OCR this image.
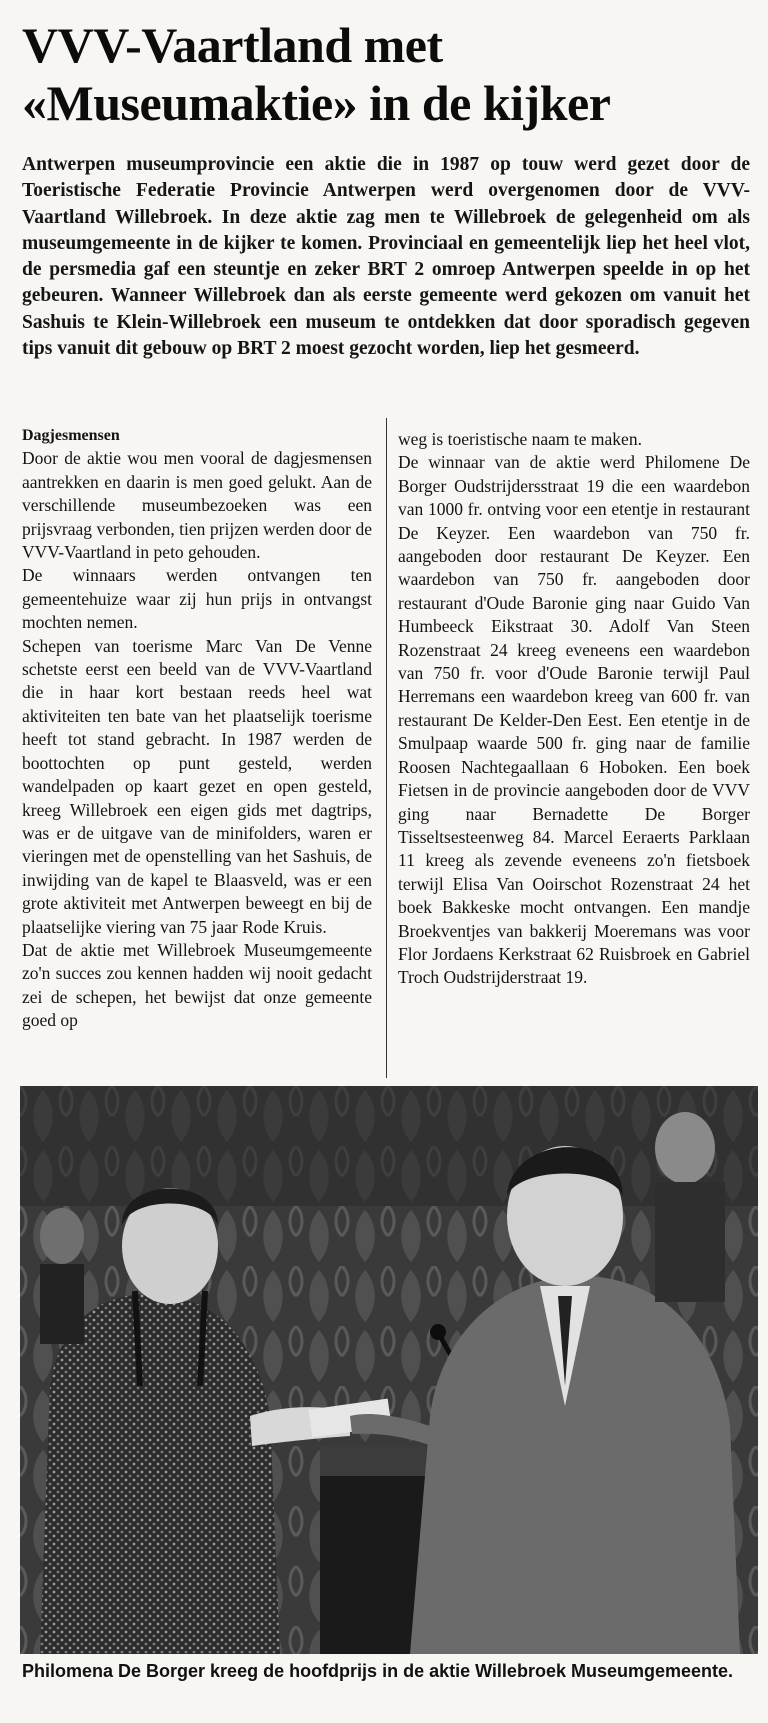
VVV-Vaartland met
«Museumaktie» in de kijker

Antwerpen museumprovincie een aktie die in 1987 op touw werd gezet door de Toeristische Federatie Provincie Antwerpen werd overgenomen door de VVV-Vaartland Willebroek. In deze aktie zag men te Willebroek de gelegenheid om als museumgemeente in de kijker te komen. Provinciaal en gemeentelijk liep het heel vlot, de persmedia gaf een steuntje en zeker BRT 2 omroep Antwerpen speelde in op het gebeuren. Wanneer Willebroek dan als eerste gemeente werd gekozen om vanuit het Sashuis te Klein-Willebroek een museum te ontdekken dat door sporadisch gegeven tips vanuit dit gebouw op BRT 2 moest gezocht worden, liep het gesmeerd.

Dagjesmensen

Door de aktie wou men vooral de dagjesmensen aantrekken en daarin is men goed gelukt. Aan de verschillende museumbezoeken was een prijsvraag verbonden, tien prijzen werden door de VVV-Vaartland in peto gehouden.

De winnaars werden ontvangen ten gemeentehuize waar zij hun prijs in ontvangst mochten nemen.

Schepen van toerisme Marc Van De Venne schetste eerst een beeld van de VVV-Vaartland die in haar kort bestaan reeds heel wat aktiviteiten ten bate van het plaatselijk toerisme heeft tot stand gebracht. In 1987 werden de boottochten op punt gesteld, werden wandelpaden op kaart gezet en open gesteld, kreeg Willebroek een eigen gids met dagtrips, was er de uitgave van de minifolders, waren er vieringen met de openstelling van het Sashuis, de inwijding van de kapel te Blaasveld, was er een grote aktiviteit met Antwerpen beweegt en bij de plaatselijke viering van 75 jaar Rode Kruis.

Dat de aktie met Willebroek Museumgemeente zo'n succes zou kennen hadden wij nooit gedacht zei de schepen, het bewijst dat onze gemeente goed op

weg is toeristische naam te maken.

De winnaar van de aktie werd Philomene De Borger Oudstrijdersstraat 19 die een waardebon van 1000 fr. ontving voor een etentje in restaurant De Keyzer. Een waardebon van 750 fr. aangeboden door restaurant De Keyzer. Een waardebon van 750 fr. aangeboden door restaurant d'Oude Baronie ging naar Guido Van Humbeeck Eikstraat 30. Adolf Van Steen Rozenstraat 24 kreeg eveneens een waardebon van 750 fr. voor d'Oude Baronie terwijl Paul Herremans een waardebon kreeg van 600 fr. van restaurant De Kelder-Den Eest. Een etentje in de Smulpaap waarde 500 fr. ging naar de familie Roosen Nachtegaallaan 6 Hoboken. Een boek Fietsen in de provincie aangeboden door de VVV ging naar Bernadette De Borger Tisseltsesteenweg 84. Marcel Eeraerts Parklaan 11 kreeg als zevende eveneens zo'n fietsboek terwijl Elisa Van Ooirschot Rozenstraat 24 het boek Bakkeske mocht ontvangen. Een mandje Broekventjes van bakkerij Moeremans was voor Flor Jordaens Kerkstraat 62 Ruisbroek en Gabriel Troch Oudstrijderstraat 19.

Philomena De Borger kreeg de hoofdprijs in de aktie Willebroek Museumgemeente.
